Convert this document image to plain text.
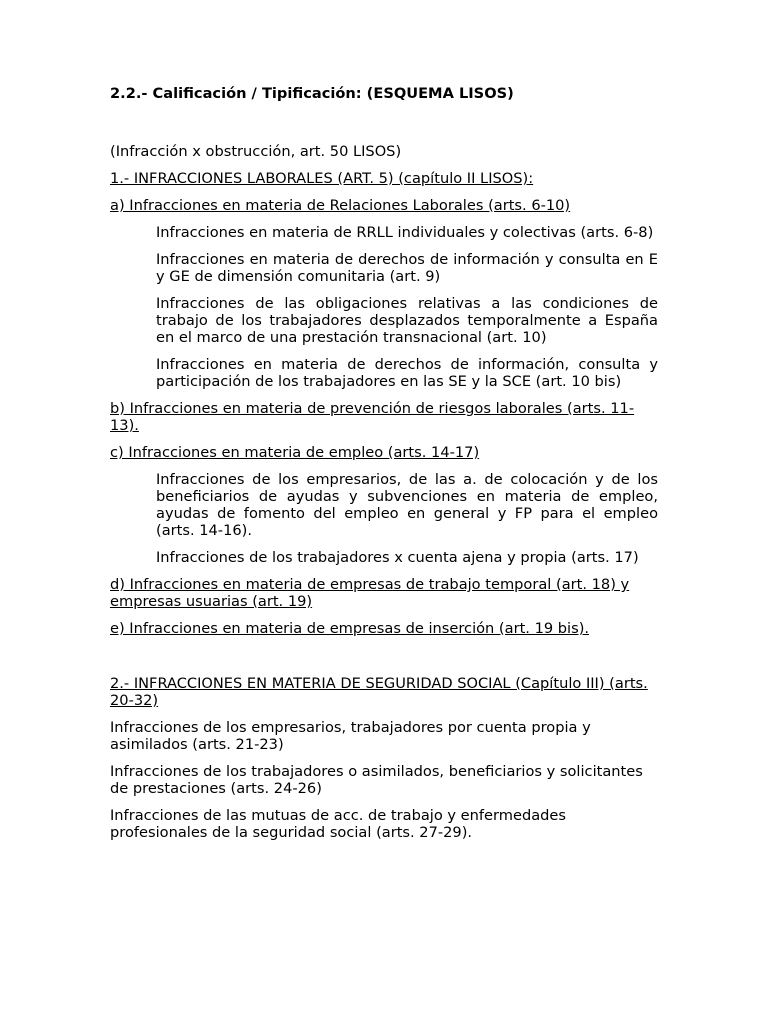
2.2.- Calificación / Tipificación: (ESQUEMA LISOS)

(Infracción x obstrucción, art. 50 LISOS)

1.- INFRACCIONES LABORALES (ART. 5) (capítulo II LISOS):

a) Infracciones en materia de Relaciones Laborales (arts. 6-10)

Infracciones en materia de RRLL individuales y colectivas (arts. 6-8)

Infracciones en materia de derechos de información y consulta en E y GE de dimensión comunitaria (art. 9)

Infracciones de las obligaciones relativas a las condiciones de trabajo de los trabajadores desplazados temporalmente a España en el marco de una prestación transnacional (art. 10)

Infracciones en materia de derechos de información, consulta y participación de los trabajadores en las SE y la SCE (art. 10 bis)

b) Infracciones en materia de prevención de riesgos laborales (arts. 11-13).

c) Infracciones en materia de empleo (arts. 14-17)

Infracciones de los empresarios, de las a. de colocación y de los beneficiarios de ayudas y subvenciones en materia de empleo, ayudas de fomento del empleo en general y FP para el empleo (arts. 14-16).

Infracciones de los trabajadores x cuenta ajena y propia (arts. 17)

d) Infracciones en materia de empresas de trabajo temporal (art. 18) y empresas usuarias (art. 19)

e) Infracciones en materia de empresas de inserción (art. 19 bis).

2.- INFRACCIONES EN MATERIA DE SEGURIDAD SOCIAL (Capítulo III) (arts. 20-32)

Infracciones de los empresarios, trabajadores por cuenta propia y asimilados (arts. 21-23)

Infracciones de los trabajadores o asimilados, beneficiarios y solicitantes de prestaciones (arts. 24-26)

Infracciones de las mutuas de acc. de trabajo y enfermedades profesionales de la seguridad social (arts. 27-29).
